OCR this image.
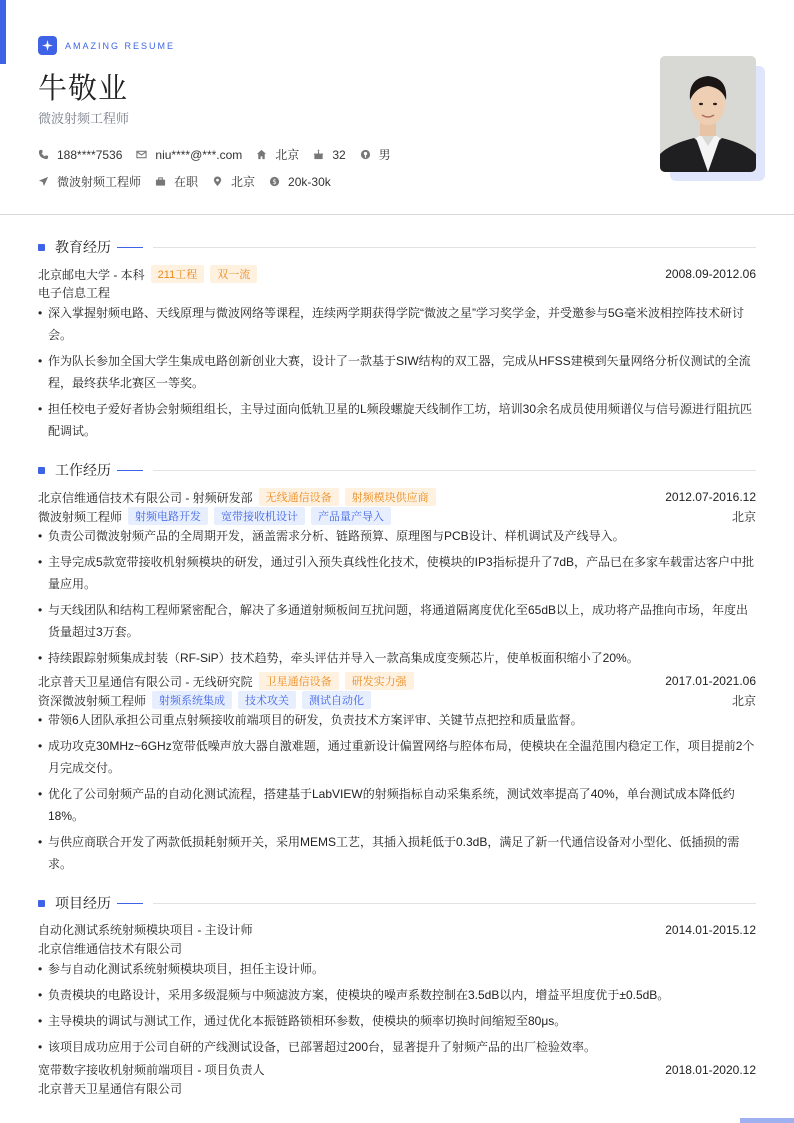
AMAZING RESUME
牛敬业
微波射频工程师
188****7536	niu****@***.com	北京	32	男
微波射频工程师	在职	北京 $ 20k-30k
教育经历
北京邮电大学 - 本科	211工程	双一流	2008.09-2012.06
电子信息工程
• 深入掌握射频电路、天线原理与微波网络等课程，连续两学期获得学院“微波之星”学习奖学金，并受邀参与5G毫米波相控阵技术研讨
会。
• 作为队长参加全国大学生集成电路创新创业大赛，设计了一款基于SIW结构的双工器，完成从HFSS建模到矢量网络分析仪测试的全流
程，最终获华北赛区一等奖。
• 担任校电子爱好者协会射频组组长，主导过面向低轨卫星的L频段螺旋天线制作工坊，培训30余名成员使用频谱仪与信号源进行阻抗匹
配调试。
工作经历
北京信维通信技术有限公司 - 射频研发部	无线通信设备	射频模块供应商	2012.07-2016.12
微波射频工程师	射频电路开发	宽带接收机设计	产品量产导入	北京
• 负责公司微波射频产品的全周期开发，涵盖需求分析、链路预算、原理图与PCB设计、样机调试及产线导入。
• 主导完成5款宽带接收机射频模块的研发，通过引入预失真线性化技术，使模块的IP3指标提升了7dB，产品已在多家车载雷达客户中批
量应用。
• 与天线团队和结构工程师紧密配合，解决了多通道射频板间互扰问题，将通道隔离度优化至65dB以上，成功将产品推向市场，年度出
货量超过3万套。
• 持续跟踪射频集成封装（RF-SiP）技术趋势，牵头评估并导入一款高集成度变频芯片，使单板面积缩小了20%。
北京普天卫星通信有限公司 - 无线研究院	卫星通信设备	研发实力强	2017.01-2021.06
资深微波射频工程师	射频系统集成	技术攻关	测试自动化	北京
• 带领6人团队承担公司重点射频接收前端项目的研发，负责技术方案评审、关键节点把控和质量监督。
• 成功攻克30MHz~6GHz宽带低噪声放大器自激难题，通过重新设计偏置网络与腔体布局，使模块在全温范围内稳定工作，项目提前2个
月完成交付。
• 优化了公司射频产品的自动化测试流程，搭建基于LabVIEW的射频指标自动采集系统，测试效率提高了40%，单台测试成本降低约
18%。
• 与供应商联合开发了两款低损耗射频开关，采用MEMS工艺，其插入损耗低于0.3dB，满足了新一代通信设备对小型化、低插损的需
求。
项目经历
自动化测试系统射频模块项目 - 主设计师	2014.01-2015.12
北京信维通信技术有限公司
• 参与自动化测试系统射频模块项目，担任主设计师。
• 负责模块的电路设计，采用多级混频与中频滤波方案，使模块的噪声系数控制在3.5dB以内，增益平坦度优于±0.5dB。
• 主导模块的调试与测试工作，通过优化本振链路锁相环参数，使模块的频率切换时间缩短至80μs。
• 该项目成功应用于公司自研的产线测试设备，已部署超过200台，显著提升了射频产品的出厂检验效率。
宽带数字接收机射频前端项目 - 项目负责人	2018.01-2020.12
北京普天卫星通信有限公司
